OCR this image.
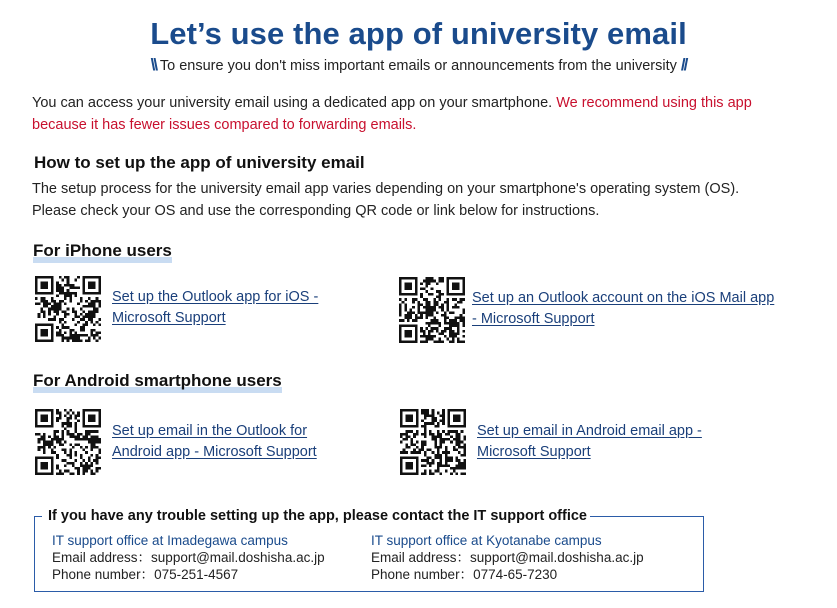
Let’s use the app of university email
\\ To ensure you don't miss important emails or announcements from the university //
You can access your university email using a dedicated app on your smartphone. We recommend using this app because it has fewer issues compared to forwarding emails.
How to set up the app of university email
The setup process for the university email app varies depending on your smartphone's operating system (OS).
Please check your OS and use the corresponding QR code or link below for instructions.
For iPhone users
Set up the Outlook app for iOS -
Microsoft Support
Set up an Outlook account on the iOS Mail app
- Microsoft Support
For Android smartphone users
Set up email in the Outlook for
Android app - Microsoft Support
Set up email in Android email app -
Microsoft Support
If you have any trouble setting up the app, please contact the IT support office
IT support office at Imadegawa campus
Email address：support@mail.doshisha.ac.jp
Phone number：075-251-4567
IT support office at Kyotanabe campus
Email address：support@mail.doshisha.ac.jp
Phone number：0774-65-7230
